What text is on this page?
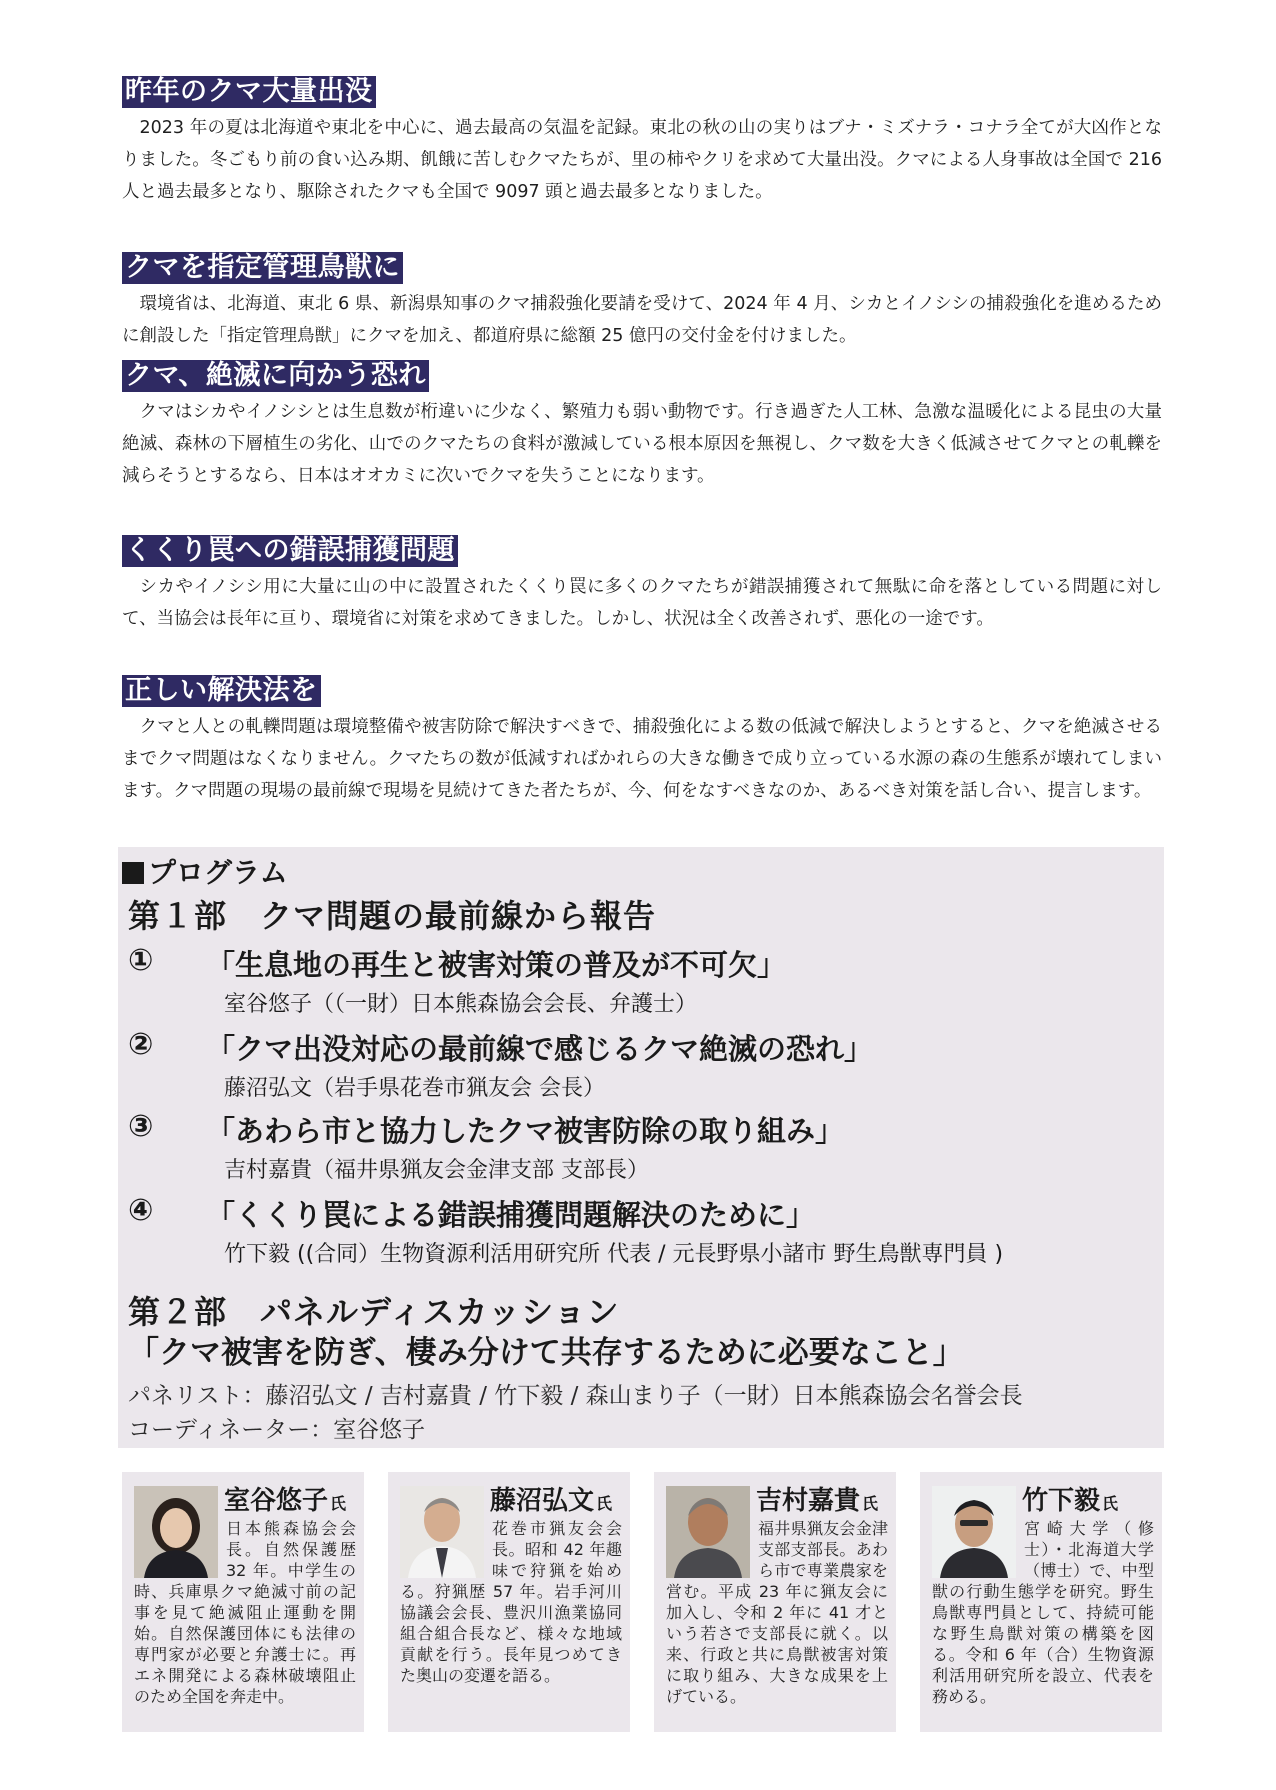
昨年のクマ大量出没

2023 年の夏は北海道や東北を中心に、過去最高の気温を記録。東北の秋の山の実りはブナ・ミズナラ・コナラ全てが大凶作となりました。冬ごもり前の食い込み期、飢餓に苦しむクマたちが、里の柿やクリを求めて大量出没。クマによる人身事故は全国で 216 人と過去最多となり、駆除されたクマも全国で 9097 頭と過去最多となりました。

クマを指定管理鳥獣に

環境省は、北海道、東北 6 県、新潟県知事のクマ捕殺強化要請を受けて、2024 年 4 月、シカとイノシシの捕殺強化を進めるために創設した「指定管理鳥獣」にクマを加え、都道府県に総額 25 億円の交付金を付けました。

クマ、絶滅に向かう恐れ

クマはシカやイノシシとは生息数が桁違いに少なく、繁殖力も弱い動物です。行き過ぎた人工林、急激な温暖化による昆虫の大量絶滅、森林の下層植生の劣化、山でのクマたちの食料が激減している根本原因を無視し、クマ数を大きく低減させてクマとの軋轢を減らそうとするなら、日本はオオカミに次いでクマを失うことになります。

くくり罠への錯誤捕獲問題

シカやイノシシ用に大量に山の中に設置されたくくり罠に多くのクマたちが錯誤捕獲されて無駄に命を落としている問題に対して、当協会は長年に亘り、環境省に対策を求めてきました。しかし、状況は全く改善されず、悪化の一途です。

正しい解決法を

クマと人との軋轢問題は環境整備や被害防除で解決すべきで、捕殺強化による数の低減で解決しようとすると、クマを絶滅させるまでクマ問題はなくなりません。クマたちの数が低減すればかれらの大きな働きで成り立っている水源の森の生態系が壊れてしまいます。クマ問題の現場の最前線で現場を見続けてきた者たちが、今、何をなすべきなのか、あるべき対策を話し合い、提言します。

プログラム
第１部　クマ問題の最前線から報告
① 「生息地の再生と被害対策の普及が不可欠」
室谷悠子（（一財）日本熊森協会会長、弁護士）
② 「クマ出没対応の最前線で感じるクマ絶滅の恐れ」
藤沼弘文（岩手県花巻市猟友会 会長）
③ 「あわら市と協力したクマ被害防除の取り組み」
吉村嘉貴（福井県猟友会金津支部 支部長）
④ 「くくり罠による錯誤捕獲問題解決のために」
竹下毅 ((合同）生物資源利活用研究所 代表 / 元長野県小諸市 野生鳥獣専門員 )
第２部　パネルディスカッション
「クマ被害を防ぎ、棲み分けて共存するために必要なこと」
パネリスト：藤沼弘文 / 吉村嘉貴 / 竹下毅 / 森山まり子（一財）日本熊森協会名誉会長
コーディネーター：室谷悠子
室谷悠子 氏
日本熊森協会会長。自然保護歴 32 年。中学生の時、兵庫県クマ絶滅寸前の記事を見て絶滅阻止運動を開始。自然保護団体にも法律の専門家が必要と弁護士に。再エネ開発による森林破壊阻止のため全国を奔走中。
藤沼弘文 氏
花巻市猟友会会長。昭和 42 年趣味で狩猟を始める。狩猟歴 57 年。岩手河川協議会会長、豊沢川漁業協同組合組合長など、様々な地域貢献を行う。長年見つめてきた奥山の変遷を語る。
吉村嘉貴 氏
福井県猟友会金津支部支部長。あわら市で専業農家を営む。平成 23 年に猟友会に加入し、令和 2 年に 41 才という若さで支部長に就く。以来、行政と共に鳥獣被害対策に取り組み、大きな成果を上げている。
竹下毅 氏
宮崎大学（修士）・北海道大学（博士）で、中型獣の行動生態学を研究。野生鳥獣専門員として、持続可能な野生鳥獣対策の構築を図る。令和 6 年（合）生物資源利活用研究所を設立、代表を務める。
